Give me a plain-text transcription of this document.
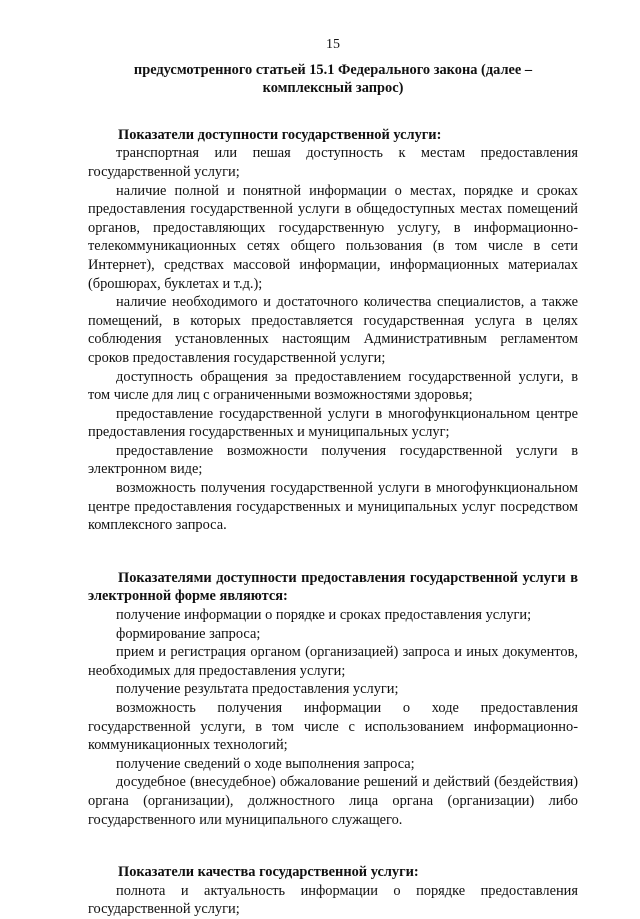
15
предусмотренного статьей 15.1 Федерального закона (далее – комплексный запрос)
Показатели доступности государственной услуги:

транспортная или пешая доступность к местам предоставления государственной услуги;

наличие полной и понятной информации о местах, порядке и сроках предоставления государственной услуги в общедоступных местах помещений органов, предоставляющих государственную услугу, в информационно-телекоммуникационных сетях общего пользования (в том числе в сети Интернет), средствах массовой информации, информационных материалах (брошюрах, буклетах и т.д.);

наличие необходимого и достаточного количества специалистов, а также помещений, в которых предоставляется государственная услуга в целях соблюдения установленных настоящим Административным регламентом сроков предоставления государственной услуги;

доступность обращения за предоставлением государственной услуги, в том числе для лиц с ограниченными возможностями здоровья;

предоставление государственной услуги в многофункциональном центре предоставления государственных и муниципальных услуг;

предоставление возможности получения государственной услуги в электронном виде;

возможность получения государственной услуги в многофункциональном центре предоставления государственных и муниципальных услуг посредством комплексного запроса.

Показателями доступности предоставления государственной услуги в электронной форме являются:

получение информации о порядке и сроках предоставления услуги;

формирование запроса;

прием и регистрация органом (организацией) запроса и иных документов, необходимых для предоставления услуги;

получение результата предоставления услуги;

возможность получения информации о ходе предоставления государственной услуги, в том числе с использованием информационно-коммуникационных технологий;

получение сведений о ходе выполнения запроса;

досудебное (внесудебное) обжалование решений и действий (бездействия) органа (организации), должностного лица органа (организации) либо государственного или муниципального служащего.

Показатели качества государственной услуги:

полнота и актуальность информации о порядке предоставления государственной услуги;
